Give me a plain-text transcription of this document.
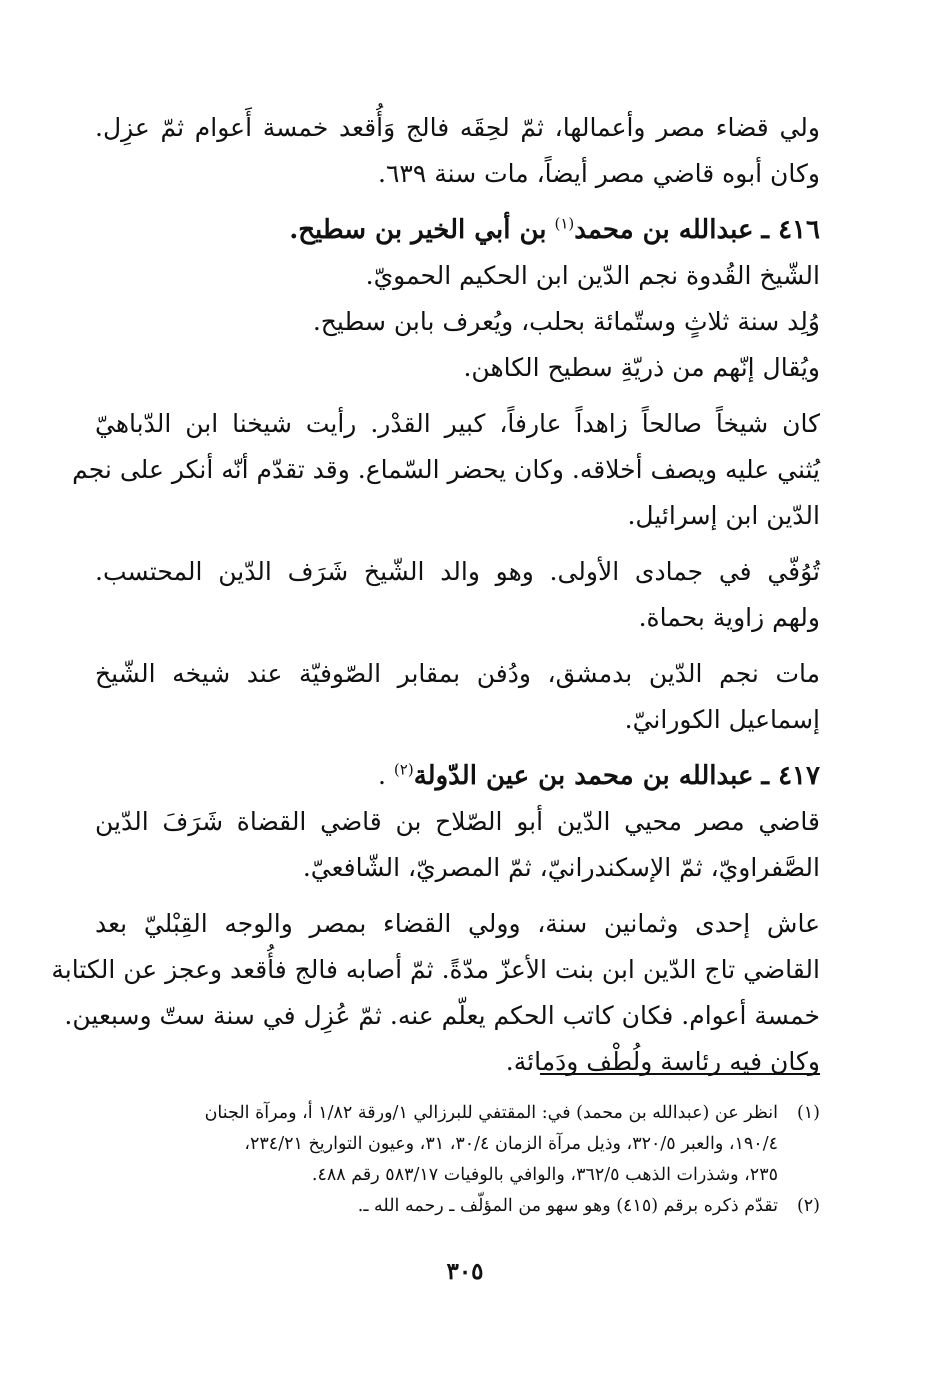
ولي قضاء مصر وأعمالها، ثمّ لحِقَه فالج وَأُقعد خمسة أَعوام ثمّ عزِل.
وكان أبوه قاضي مصر أيضاً، مات سنة ٦٣٩.
٤١٦ ـ عبدالله بن محمد$^{(١)}$ بن أبي الخير بن سطيح.
الشّيخ القُدوة نجم الدّين ابن الحكيم الحمويّ.
وُلِد سنة ثلاثٍ وستّمائة بحلب، ويُعرف بابن سطيح.
ويُقال إنّهم من ذريّةِ سطيح الكاهن.
كان شيخاً صالحاً زاهداً عارفاً، كبير القدْر. رأيت شيخنا ابن الدّباهيّ
يُثني عليه ويصف أخلاقه. وكان يحضر السّماع. وقد تقدّم أنّه أنكر على نجم
الدّين ابن إسرائيل.
تُوُفّي في جمادى الأولى. وهو والد الشّيخ شَرَف الدّين المحتسب.
ولهم زاوية بحماة.
مات نجم الدّين بدمشق، ودُفن بمقابر الصّوفيّة عند شيخه الشّيخ
إسماعيل الكورانيّ.
٤١٧ ـ عبدالله بن محمد بن عين الدّولة$^{(٢)}$ .
قاضي مصر محيي الدّين أبو الصّلاح بن قاضي القضاة شَرَفَ الدّين
الصَّفراويّ، ثمّ الإسكندرانيّ، ثمّ المصريّ، الشّافعيّ.
عاش إحدى وثمانين سنة، وولي القضاء بمصر والوجه القِبْليّ بعد
القاضي تاج الدّين ابن بنت الأعزّ مدّةً. ثمّ أصابه فالج فأُقعد وعجز عن الكتابة
خمسة أعوام. فكان كاتب الحكم يعلّم عنه. ثمّ عُزِل في سنة ستّ وسبعين.
وكان فيه رئاسة ولُطْف ودَمائة.
(١)
انظر عن (عبدالله بن محمد) في: المقتفي للبرزالي ١/ورقة ١/٨٢ أ، ومرآة الجنان
١٩٠/٤، والعبر ٣٢٠/٥، وذيل مرآة الزمان ٣٠/٤، ٣١، وعيون التواريخ ٢٣٤/٢١،
٢٣٥، وشذرات الذهب ٣٦٢/٥، والوافي بالوفيات ٥٨٣/١٧ رقم ٤٨٨.
(٢)
تقدّم ذكره برقم (٤١٥) وهو سهو من المؤلّف ـ رحمه الله ـ.
٣٠٥
